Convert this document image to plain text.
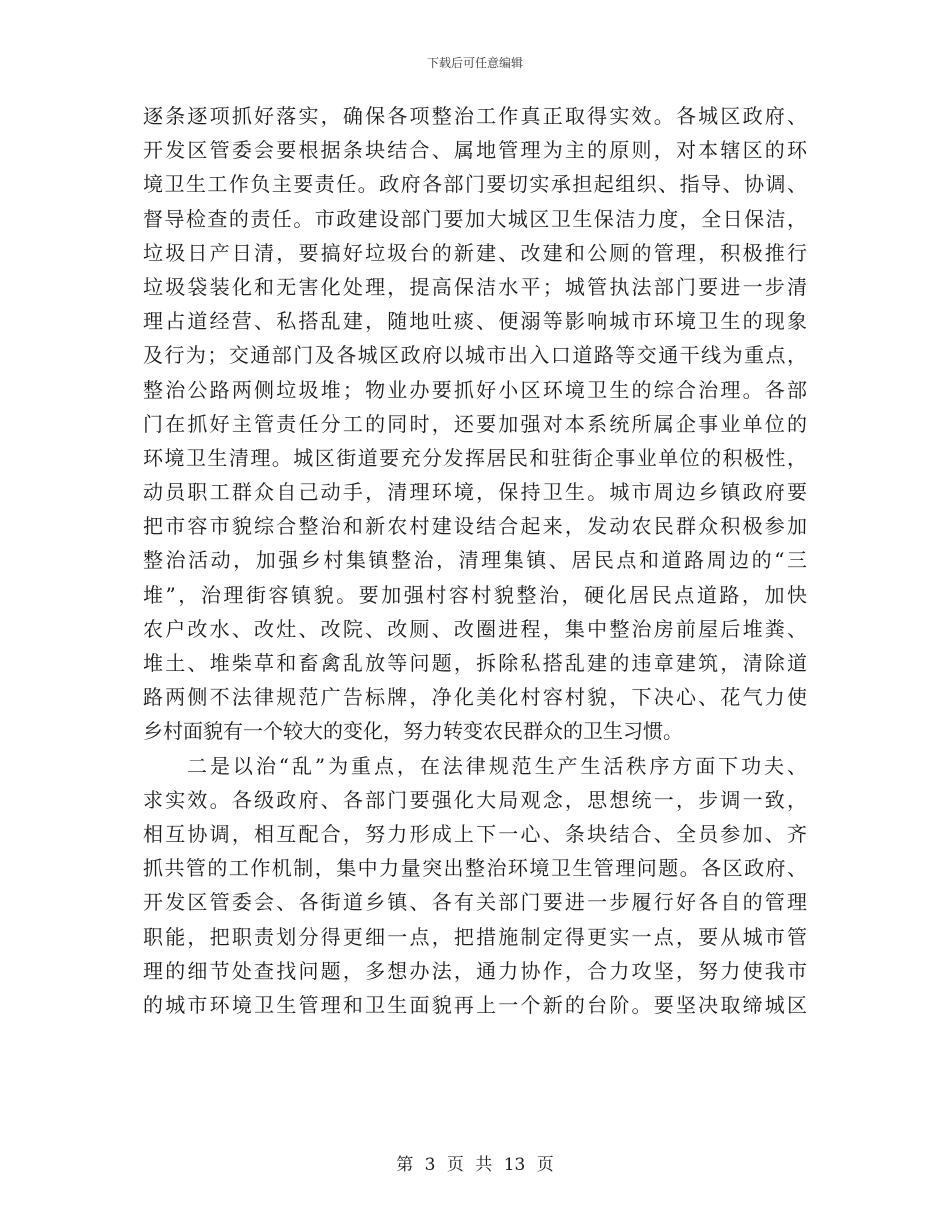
下载后可任意编辑
逐条逐项抓好落实，确保各项整治工作真正取得实效。各城区政府、
开发区管委会要根据条块结合、属地管理为主的原则，对本辖区的环
境卫生工作负主要责任。政府各部门要切实承担起组织、指导、协调、
督导检查的责任。市政建设部门要加大城区卫生保洁力度，全日保洁，
垃圾日产日清，要搞好垃圾台的新建、改建和公厕的管理，积极推行
垃圾袋装化和无害化处理，提高保洁水平；城管执法部门要进一步清
理占道经营、私搭乱建，随地吐痰、便溺等影响城市环境卫生的现象
及行为；交通部门及各城区政府以城市出入口道路等交通干线为重点，
整治公路两侧垃圾堆；物业办要抓好小区环境卫生的综合治理。各部
门在抓好主管责任分工的同时，还要加强对本系统所属企事业单位的
环境卫生清理。城区街道要充分发挥居民和驻街企事业单位的积极性，
动员职工群众自己动手，清理环境，保持卫生。城市周边乡镇政府要
把市容市貌综合整治和新农村建设结合起来，发动农民群众积极参加
整治活动，加强乡村集镇整治，清理集镇、居民点和道路周边的“三
堆”，治理街容镇貌。要加强村容村貌整治，硬化居民点道路，加快
农户改水、改灶、改院、改厕、改圈进程，集中整治房前屋后堆粪、
堆土、堆柴草和畜禽乱放等问题，拆除私搭乱建的违章建筑，清除道
路两侧不法律规范广告标牌，净化美化村容村貌，下决心、花气力使
乡村面貌有一个较大的变化，努力转变农民群众的卫生习惯。
二是以治“乱”为重点，在法律规范生产生活秩序方面下功夫、
求实效。各级政府、各部门要强化大局观念，思想统一，步调一致，
相互协调，相互配合，努力形成上下一心、条块结合、全员参加、齐
抓共管的工作机制，集中力量突出整治环境卫生管理问题。各区政府、
开发区管委会、各街道乡镇、各有关部门要进一步履行好各自的管理
职能，把职责划分得更细一点，把措施制定得更实一点，要从城市管
理的细节处查找问题，多想办法，通力协作，合力攻坚，努力使我市
的城市环境卫生管理和卫生面貌再上一个新的台阶。要坚决取缔城区
第 3 页 共 13 页
